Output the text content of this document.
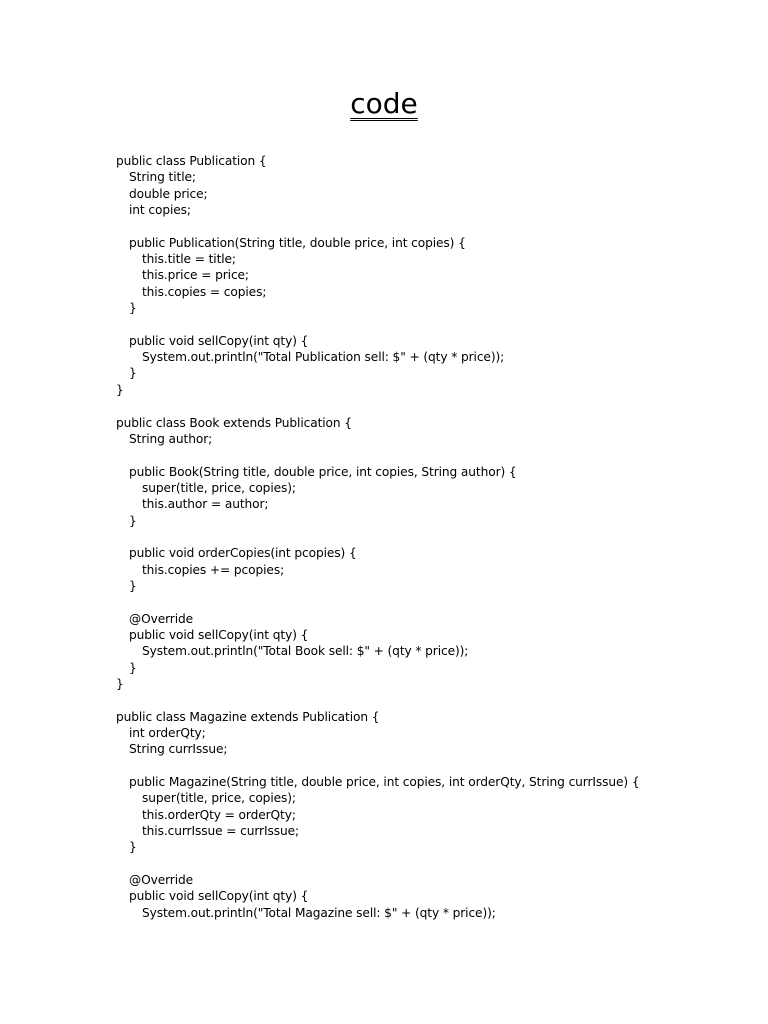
code
public class Publication {
String title;
double price;
int copies;
public Publication(String title, double price, int copies) {
this.title = title;
this.price = price;
this.copies = copies;
}
public void sellCopy(int qty) {
System.out.println("Total Publication sell: $" + (qty * price));
}
}
public class Book extends Publication {
String author;
public Book(String title, double price, int copies, String author) {
super(title, price, copies);
this.author = author;
}
public void orderCopies(int pcopies) {
this.copies += pcopies;
}
@Override
public void sellCopy(int qty) {
System.out.println("Total Book sell: $" + (qty * price));
}
}
public class Magazine extends Publication {
int orderQty;
String currIssue;
public Magazine(String title, double price, int copies, int orderQty, String currIssue) {
super(title, price, copies);
this.orderQty = orderQty;
this.currIssue = currIssue;
}
@Override
public void sellCopy(int qty) {
System.out.println("Total Magazine sell: $" + (qty * price));
